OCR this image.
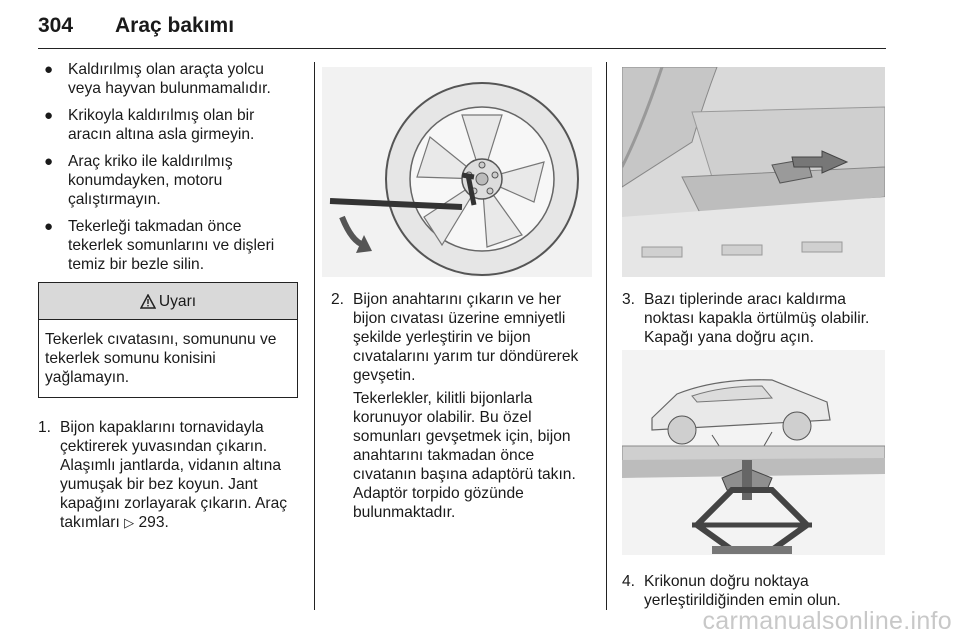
304 Araç bakımı
● Kaldırılmış olan araçta yolcu veya hayvan bulunmamalıdır.
● Krikoyla kaldırılmış olan bir aracın altına asla girmeyin.
● Araç kriko ile kaldırılmış konumdayken, motoru çalıştırmayın.
● Tekerleği takmadan önce tekerlek somunlarını ve dişleri temiz bir bezle silin.
Uyarı
Tekerlek cıvatasını, somununu ve tekerlek somunu konisini yağlamayın.
1. Bijon kapaklarını tornavidayla çektirerek yuvasından çıkarın. Alaşımlı jantlarda, vidanın altına yumuşak bir bez koyun. Jant kapağını zorlayarak çıkarın. Araç takımları ▷ 293.
2. Bijon anahtarını çıkarın ve her bijon cıvatası üzerine emniyetli şekilde yerleştirin ve bijon cıvatalarını yarım tur döndürerek gevşetin.

Tekerlekler, kilitli bijonlarla korunuyor olabilir. Bu özel somunları gevşetmek için, bijon anahtarını takmadan önce cıvatanın başına adaptörü takın. Adaptör torpido gözünde bulunmaktadır.

3. Bazı tiplerinde aracı kaldırma noktası kapakla örtülmüş olabilir. Kapağı yana doğru açın.

4. Krikonun doğru noktaya yerleştirildiğinden emin olun.

carmanualsonline.info
